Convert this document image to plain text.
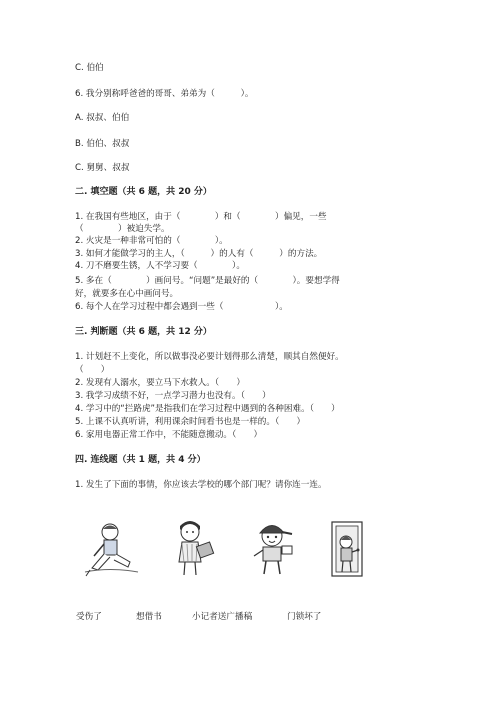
C. 伯伯
6. 我分别称呼爸爸的哥哥、弟弟为（　　　）。
A. 叔叔、伯伯
B. 伯伯、叔叔
C. 舅舅、叔叔
二. 填空题（共 6 题，共 20 分）
1. 在我国有些地区，由于（　　　　）和（　　　　）偏见，一些
（　　　　）被迫失学。
2. 火灾是一种非常可怕的（　　　　）。
3. 如何才能做学习的主人，（　　　）的人有（　　　）的方法。
4. 刀不磨要生锈，人不学习要（　　　　）。
5. 多在（　　　　）画问号。“问题”是最好的（　　　　）。要想学得
好，就要多在心中画问号。
6. 每个人在学习过程中都会遇到一些（　　　　　　）。
三. 判断题（共 6 题，共 12 分）
1. 计划赶不上变化，所以做事没必要计划得那么清楚，顺其自然便好。
（　　）
2. 发现有人溺水，要立马下水救人。（　　）
3. 我学习成绩不好，一点学习潜力也没有。（　　）
4. 学习中的“拦路虎”是指我们在学习过程中遇到的各种困难。（　　）
5. 上课不认真听讲，利用课余时间看书也是一样的。（　　）
6. 家用电器正常工作中，不能随意搬动。（　　）
四. 连线题（共 1 题，共 4 分）
1. 发生了下面的事情，你应该去学校的哪个部门呢？请你连一连。
受伤了	想借书	小记者送广播稿	门锁坏了
